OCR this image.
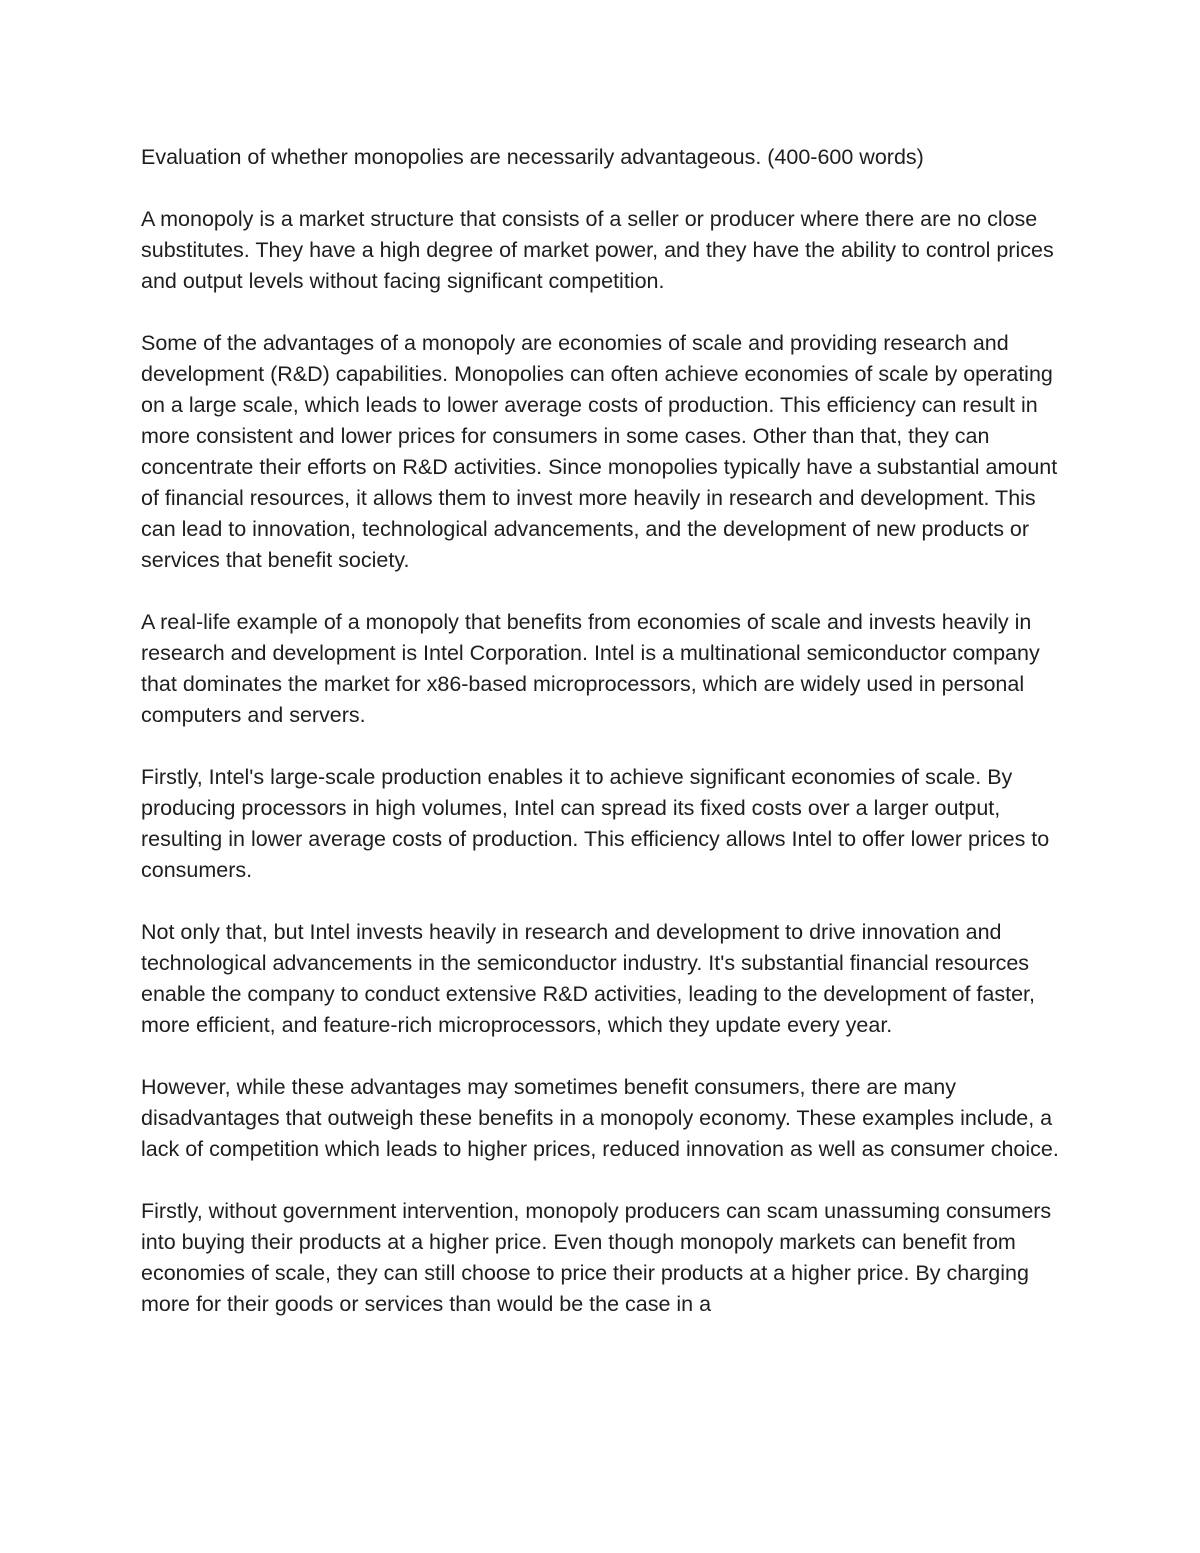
Evaluation of whether monopolies are necessarily advantageous. (400-600 words)

A monopoly is a market structure that consists of a seller or producer where there are no close substitutes. They have a high degree of market power, and they have the ability to control prices and output levels without facing significant competition.

Some of the advantages of a monopoly are economies of scale and providing research and development (R&D) capabilities. Monopolies can often achieve economies of scale by operating on a large scale, which leads to lower average costs of production. This efficiency can result in more consistent and lower prices for consumers in some cases. Other than that, they can concentrate their efforts on R&D activities. Since monopolies typically have a substantial amount of financial resources, it allows them to invest more heavily in research and development. This can lead to innovation, technological advancements, and the development of new products or services that benefit society.

A real-life example of a monopoly that benefits from economies of scale and invests heavily in research and development is Intel Corporation. Intel is a multinational semiconductor company that dominates the market for x86-based microprocessors, which are widely used in personal computers and servers.

Firstly, Intel's large-scale production enables it to achieve significant economies of scale. By producing processors in high volumes, Intel can spread its fixed costs over a larger output, resulting in lower average costs of production. This efficiency allows Intel to offer lower prices to consumers.

Not only that, but Intel invests heavily in research and development to drive innovation and technological advancements in the semiconductor industry. It's substantial financial resources enable the company to conduct extensive R&D activities, leading to the development of faster, more efficient, and feature-rich microprocessors, which they update every year.

However, while these advantages may sometimes benefit consumers, there are many disadvantages that outweigh these benefits in a monopoly economy. These examples include, a lack of competition which leads to higher prices, reduced innovation as well as consumer choice.

Firstly, without government intervention, monopoly producers can scam unassuming consumers into buying their products at a higher price. Even though monopoly markets can benefit from economies of scale, they can still choose to price their products at a higher price. By charging more for their goods or services than would be the case in a
